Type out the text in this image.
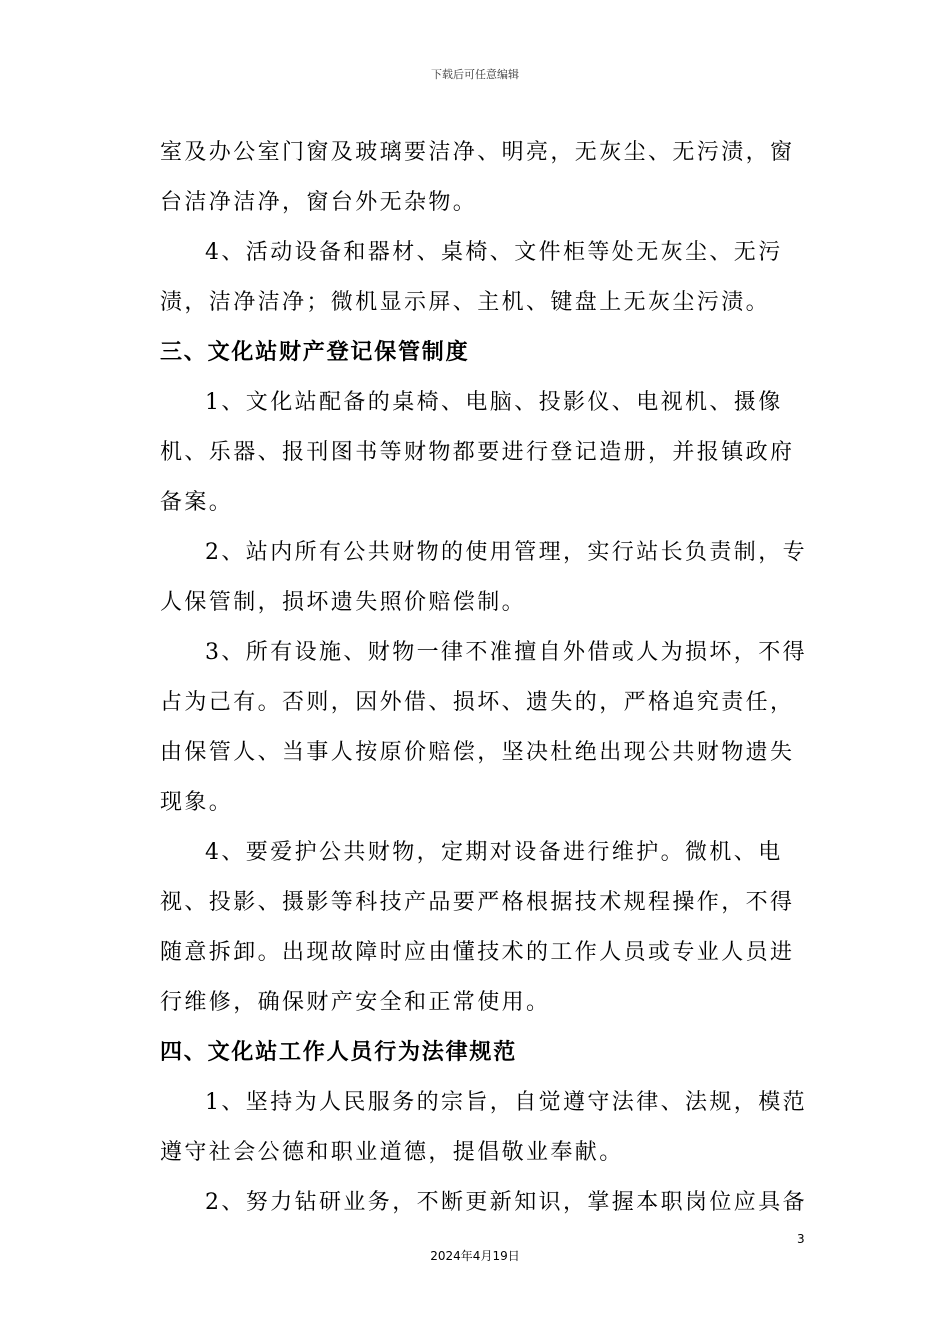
下载后可任意编辑
室及办公室门窗及玻璃要洁净、明亮，无灰尘、无污渍，窗
台洁净洁净，窗台外无杂物。
4、活动设备和器材、桌椅、文件柜等处无灰尘、无污
渍，洁净洁净；微机显示屏、主机、键盘上无灰尘污渍。
三、文化站财产登记保管制度
1、文化站配备的桌椅、电脑、投影仪、电视机、摄像
机、乐器、报刊图书等财物都要进行登记造册，并报镇政府
备案。
2、站内所有公共财物的使用管理，实行站长负责制，专
人保管制，损坏遗失照价赔偿制。
3、所有设施、财物一律不准擅自外借或人为损坏，不得
占为己有。否则，因外借、损坏、遗失的，严格追究责任，
由保管人、当事人按原价赔偿，坚决杜绝出现公共财物遗失
现象。
4、要爱护公共财物，定期对设备进行维护。微机、电
视、投影、摄影等科技产品要严格根据技术规程操作，不得
随意拆卸。出现故障时应由懂技术的工作人员或专业人员进
行维修，确保财产安全和正常使用。
四、文化站工作人员行为法律规范
1、坚持为人民服务的宗旨，自觉遵守法律、法规，模范
遵守社会公德和职业道德，提倡敬业奉献。
2、努力钻研业务，不断更新知识，掌握本职岗位应具备
3
2024年4月19日
